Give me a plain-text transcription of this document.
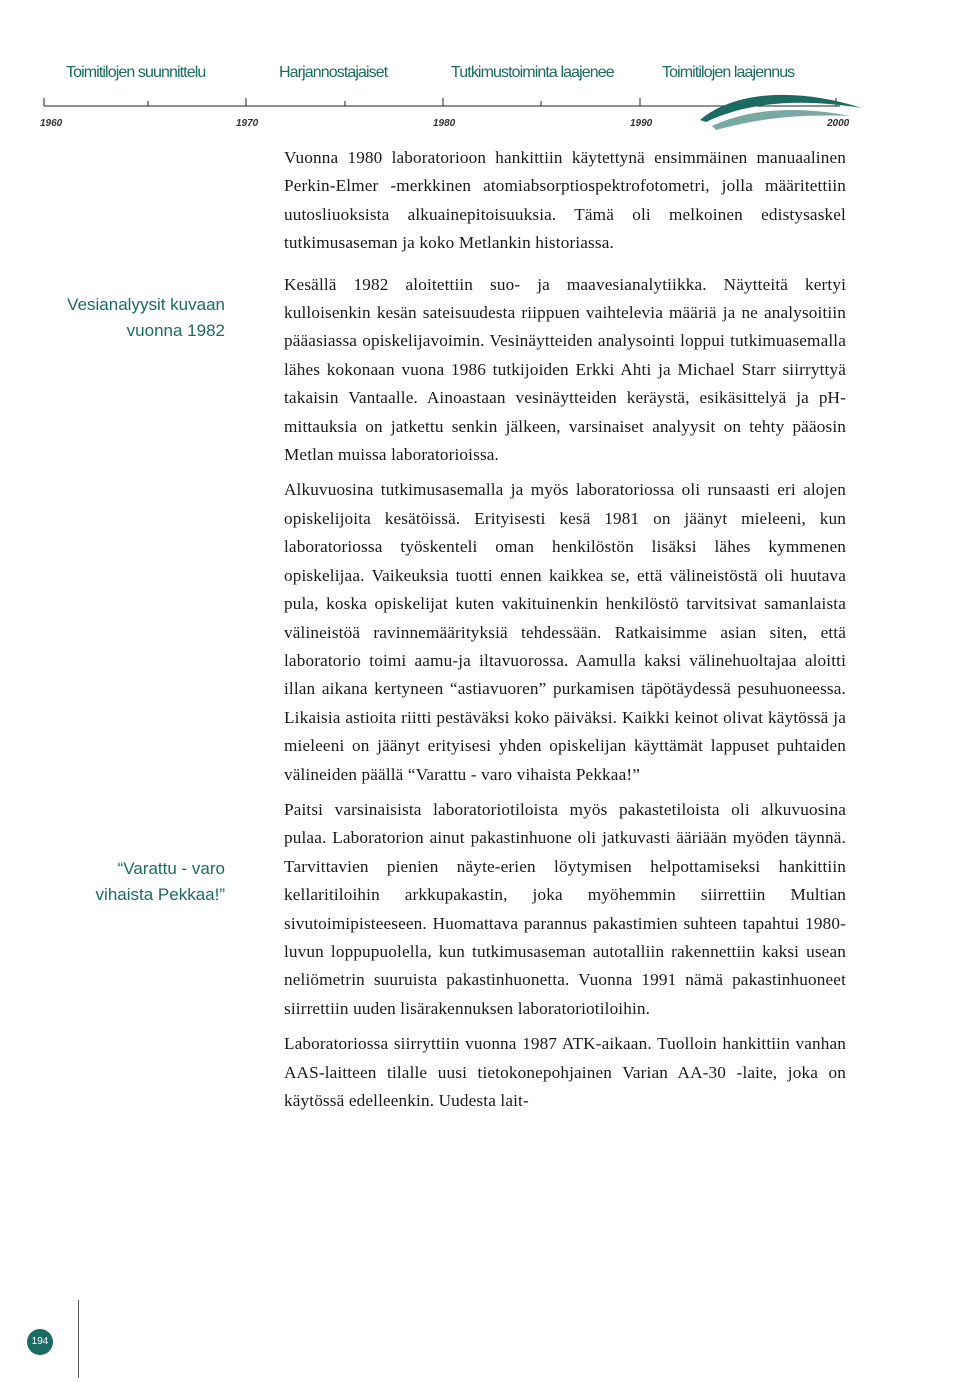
Toimitilojen suunnittelu	Harjannostajaiset	Tutkimustoiminta laajenee	Toimitilojen laajennus
1960	1970	1980	1990	2000
Vesianalyysit kuvaan
vuonna 1982
“Varattu - varo
vihaista Pekkaa!”

Vuonna 1980 laboratorioon hankittiin käytettynä ensimmäinen manuaalinen Perkin-Elmer -merkkinen atomiabsorptiospektrofotometri, jolla määritettiin uutosliuoksista alkuainepitoisuuksia. Tämä oli melkoinen edistysaskel tutkimusaseman ja koko Metlankin historiassa.

Kesällä 1982 aloitettiin suo- ja maavesianalytiikka. Näytteitä kertyi kulloisenkin kesän sateisuudesta riippuen vaihtelevia määriä ja ne analysoitiin pääasiassa opiskelijavoimin. Vesinäytteiden analysointi loppui tutkimuasemalla lähes kokonaan vuona 1986 tutkijoiden Erkki Ahti ja Michael Starr siirryttyä takaisin Vantaalle. Ainoastaan vesinäytteiden keräystä, esikäsittelyä ja pH-mittauksia on jatkettu senkin jälkeen, varsinaiset analyysit on tehty pääosin Metlan muissa laboratorioissa.

Alkuvuosina tutkimusasemalla ja myös laboratoriossa oli runsaasti eri alojen opiskelijoita kesätöissä. Erityisesti kesä 1981 on jäänyt mieleeni, kun laboratoriossa työskenteli oman henkilöstön lisäksi lähes kymmenen opiskelijaa. Vaikeuksia tuotti ennen kaikkea se, että välineistöstä oli huutava pula, koska opiskelijat kuten vakituinenkin henkilöstö tarvitsivat samanlaista välineistöä ravinnemäärityksiä tehdessään. Ratkaisimme asian siten, että laboratorio toimi aamu-ja iltavuorossa. Aamulla kaksi välinehuoltajaa aloitti illan aikana kertyneen “astiavuoren” purkamisen täpötäydessä pesuhuoneessa. Likaisia astioita riitti pestäväksi koko päiväksi. Kaikki keinot olivat käytössä ja mieleeni on jäänyt erityisesi yhden opiskelijan käyttämät lappuset puhtaiden välineiden päällä “Varattu - varo vihaista Pekkaa!”

Paitsi varsinaisista laboratoriotiloista myös pakastetiloista oli alkuvuosina pulaa. Laboratorion ainut pakastinhuone oli jatkuvasti ääriään myöden täynnä. Tarvittavien pienien näyte-erien löytymisen helpottamiseksi hankittiin kellaritiloihin arkkupakastin, joka myöhemmin siirrettiin Multian sivutoimipisteeseen. Huomattava parannus pakastimien suhteen tapahtui 1980-luvun loppupuolella, kun tutkimusaseman autotalliin rakennettiin kaksi usean neliömetrin suuruista pakastinhuonetta. Vuonna 1991 nämä pakastinhuoneet siirrettiin uuden lisärakennuksen laboratoriotiloihin.

Laboratoriossa siirryttiin vuonna 1987 ATK-aikaan. Tuolloin hankittiin vanhan AAS-laitteen tilalle uusi tietokonepohjainen Varian AA-30 -laite, joka on käytössä edelleenkin. Uudesta lait-

194
